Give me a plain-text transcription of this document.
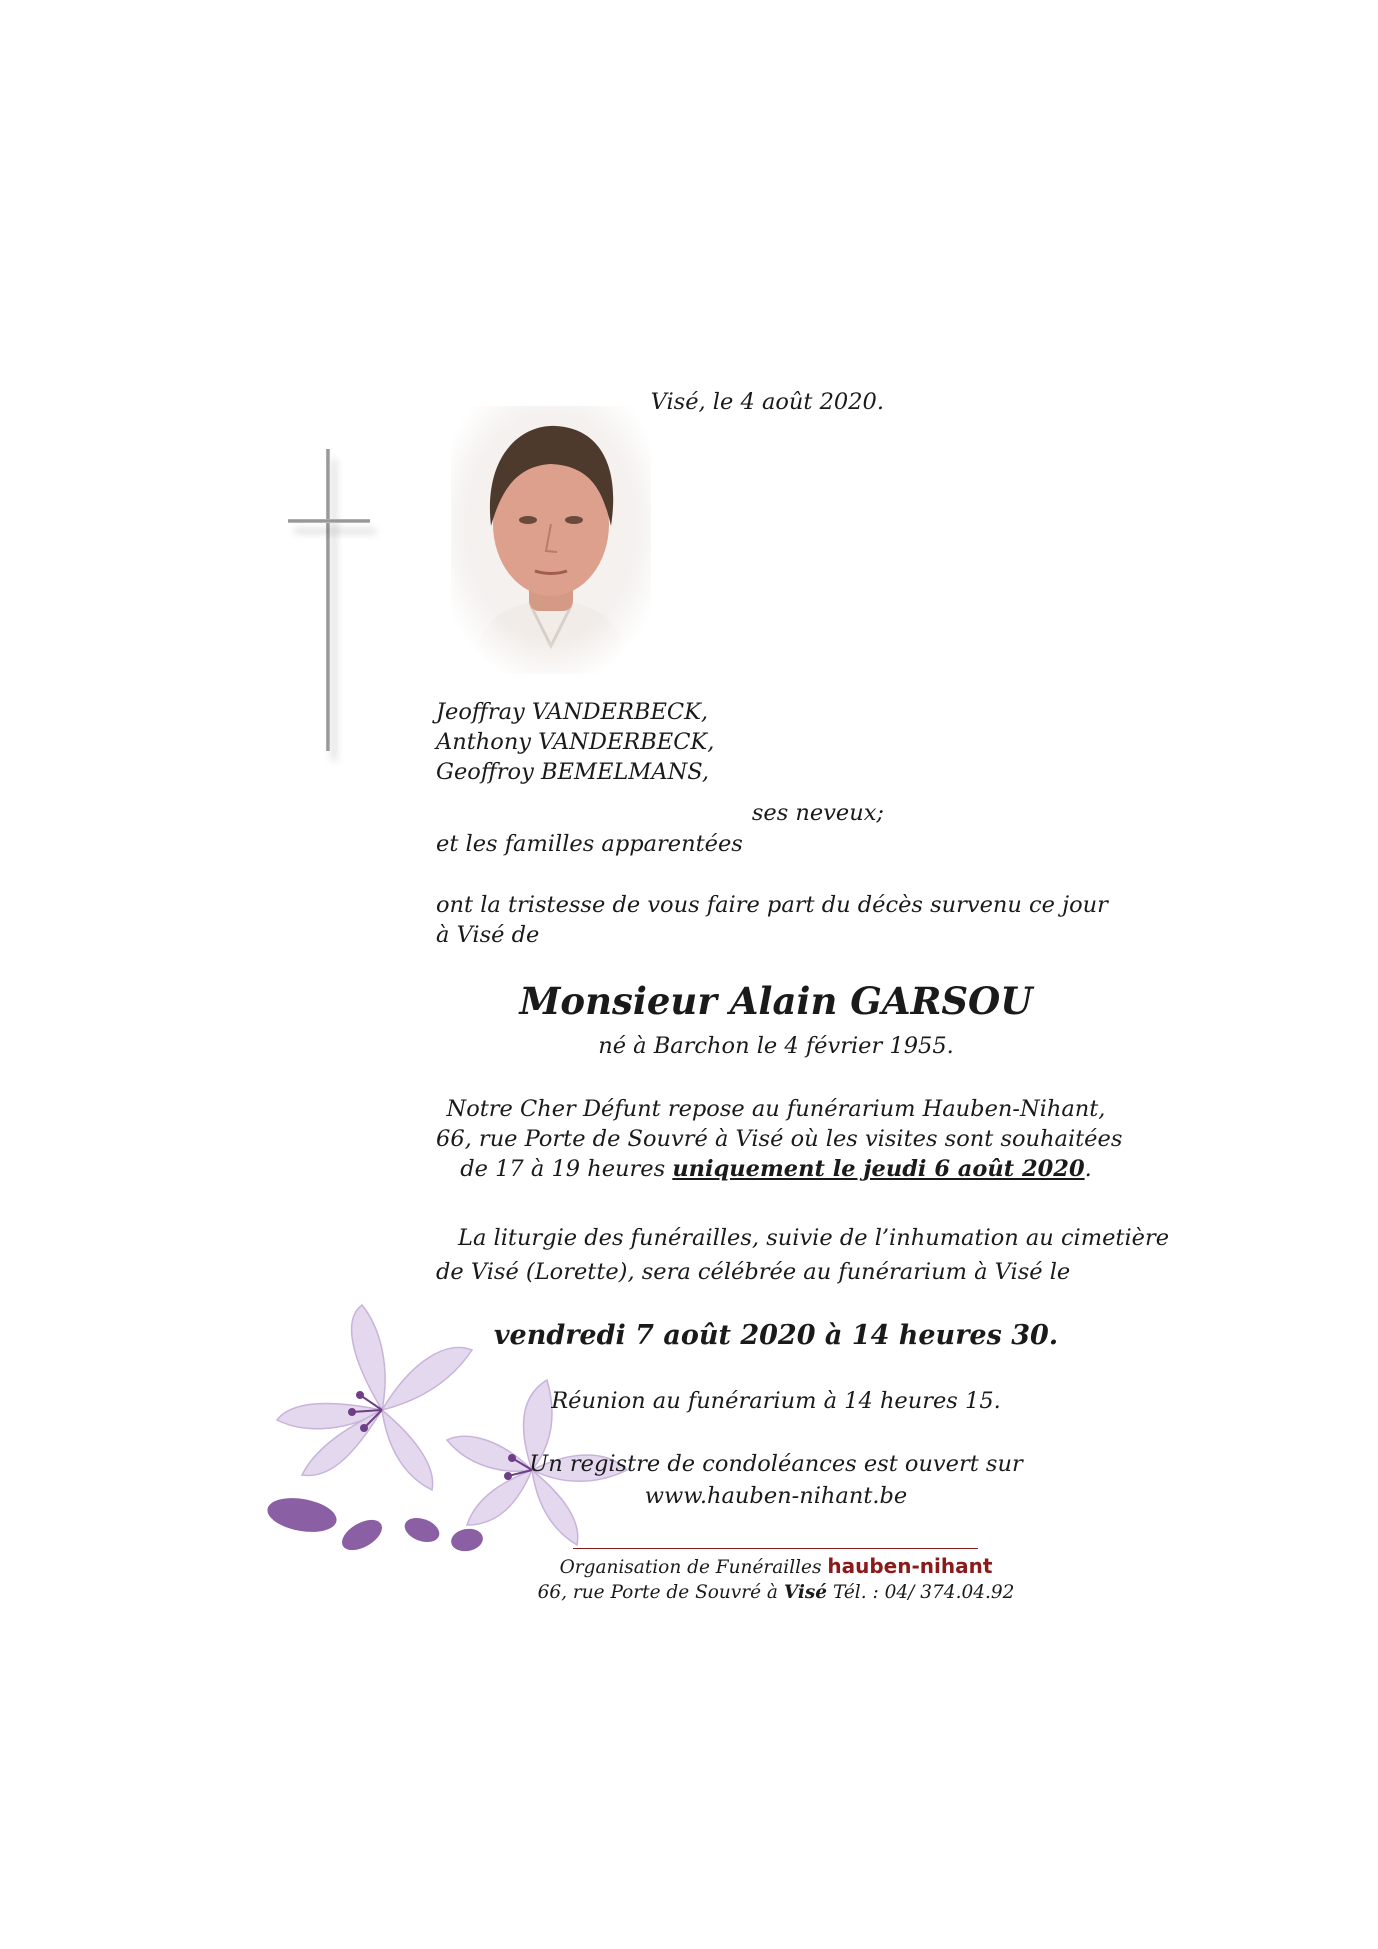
Visé, le 4 août 2020.
Jeoffray VANDERBECK,
Anthony VANDERBECK,
Geoffroy BEMELMANS,
ses neveux;
et les familles apparentées
ont la tristesse de vous faire part du décès survenu ce jour
à Visé de
Monsieur Alain GARSOU
né à Barchon le 4 février 1955.
Notre Cher Défunt repose au funérarium Hauben-Nihant,
66, rue Porte de Souvré à Visé où les visites sont souhaitées
de 17 à 19 heures uniquement le jeudi 6 août 2020.
La liturgie des funérailles, suivie de l’inhumation au cimetière
de Visé (Lorette), sera célébrée au funérarium à Visé le
vendredi 7 août 2020 à 14 heures 30.
Réunion au funérarium à 14 heures 15.
Un registre de condoléances est ouvert sur
www.hauben-nihant.be
Organisation de Funérailles hauben-nihant
66, rue Porte de Souvré à Visé Tél. : 04/ 374.04.92
